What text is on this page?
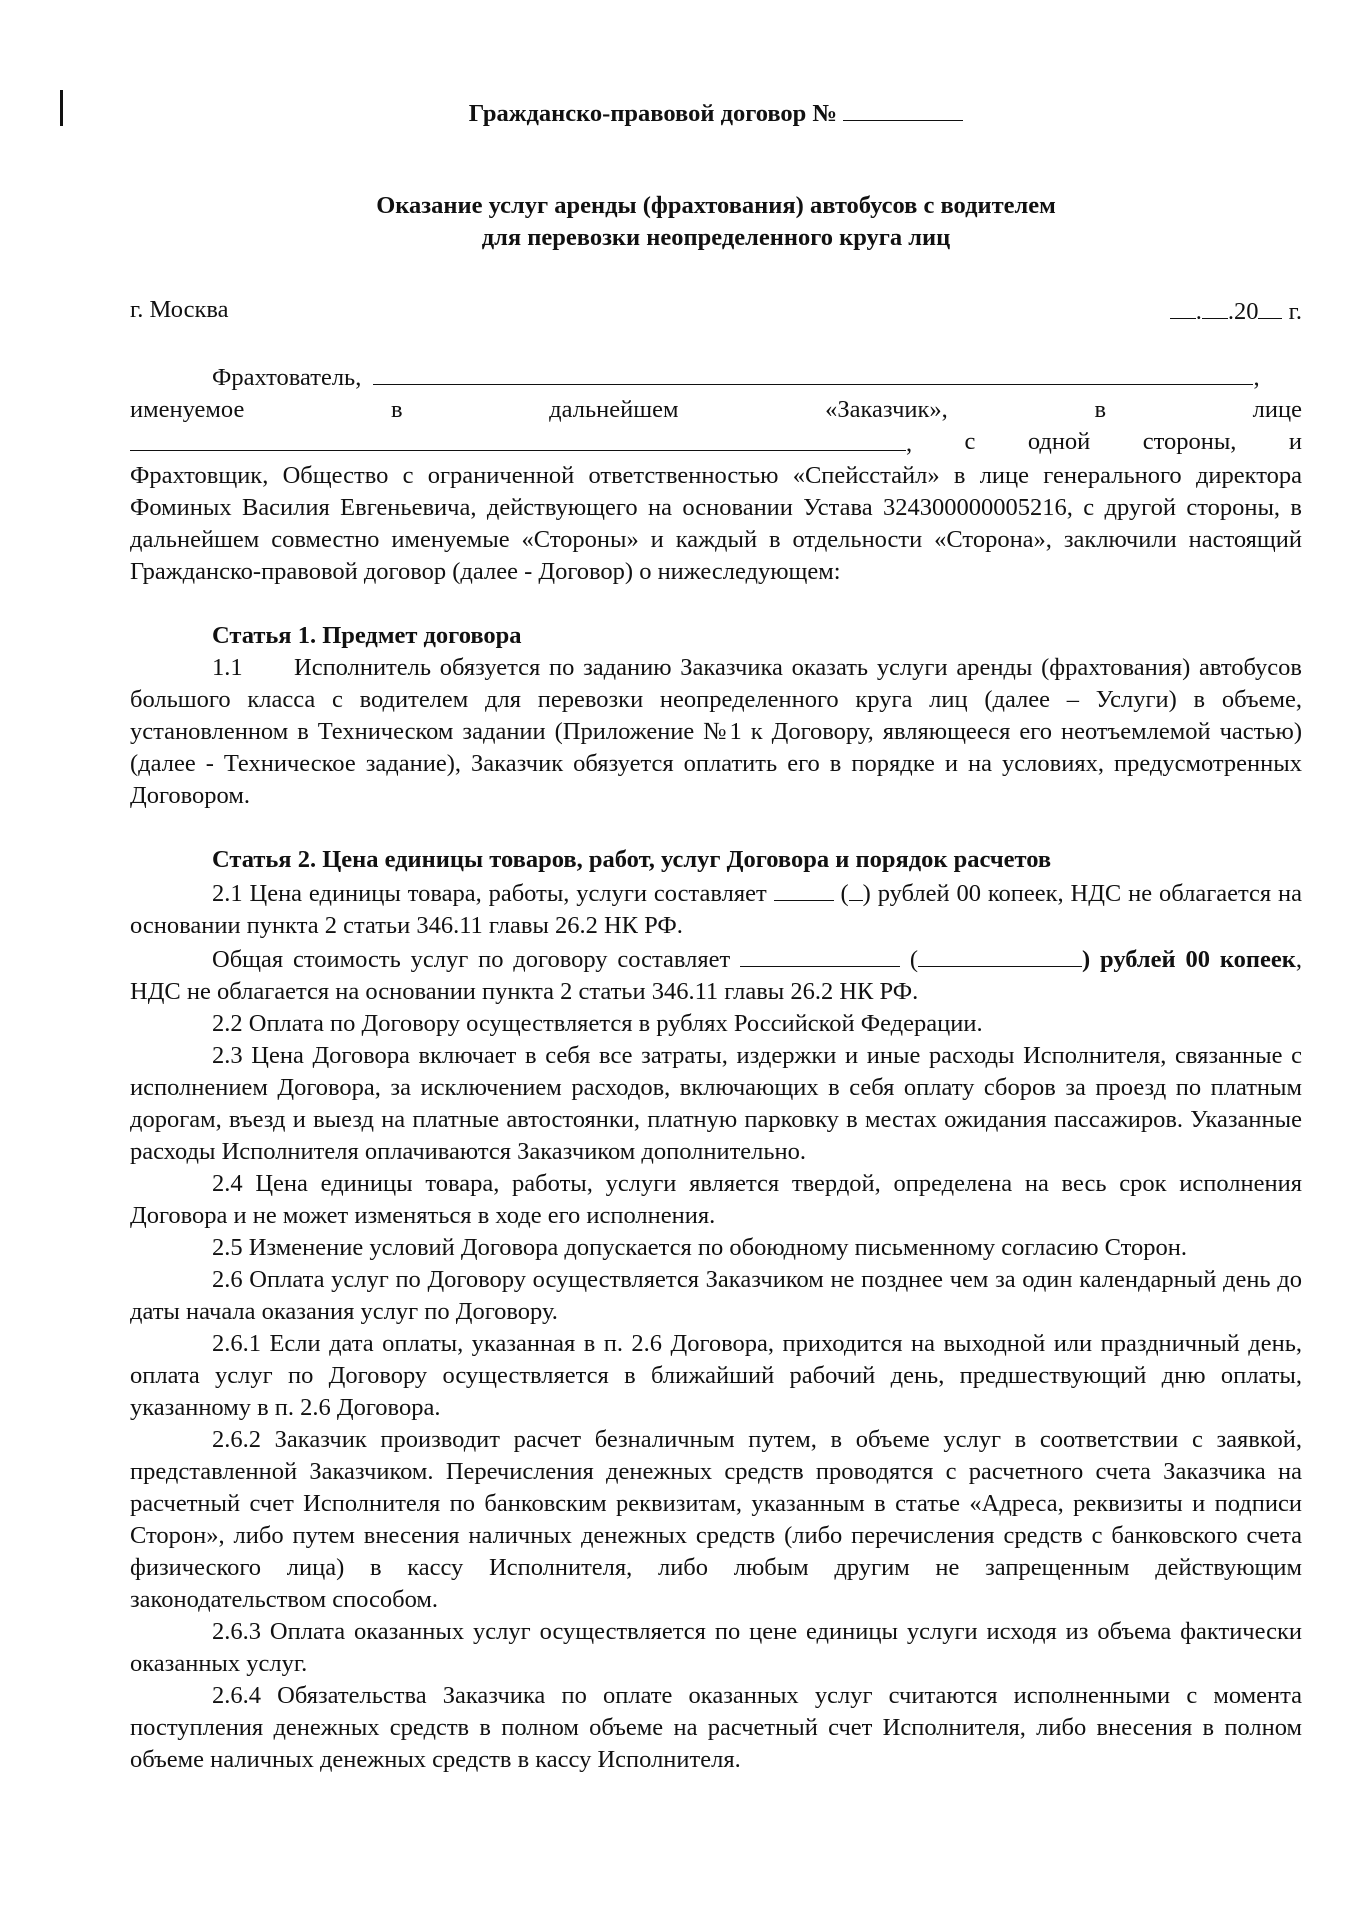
Гражданско-правовой договор №

Оказание услуг аренды (фрахтования) автобусов с водителем
для перевозки неопределенного круга лиц

г. Москва	. .20 г.

Фрахтователь,	,

именуемое	в	дальнейшем	«Заказчик»,	в	лице

, с одной стороны, и

Фрахтовщик, Общество с ограниченной ответственностью «Спейсстайл» в лице генерального директора Фоминых Василия Евгеньевича, действующего на основании Устава 324300000005216, с другой стороны, в дальнейшем совместно именуемые «Стороны» и каждый в отдельности «Сторона», заключили настоящий Гражданско-правовой договор (далее - Договор) о нижеследующем:

Статья 1. Предмет договора

1.1 Исполнитель обязуется по заданию Заказчика оказать услуги аренды (фрахтования) автобусов большого класса с водителем для перевозки неопределенного круга лиц (далее – Услуги) в объеме, установленном в Техническом задании (Приложение №1 к Договору, являющееся его неотъемлемой частью) (далее - Техническое задание), Заказчик обязуется оплатить его в порядке и на условиях, предусмотренных Договором.

Статья 2. Цена единицы товаров, работ, услуг Договора и порядок расчетов

2.1 Цена единицы товара, работы, услуги составляет	( ) рублей 00 копеек, НДС не облагается на основании пункта 2 статьи 346.11 главы 26.2 НК РФ.

Общая стоимость услуг по договору составляет	(	) рублей 00 копеек, НДС не облагается на основании пункта 2 статьи 346.11 главы 26.2 НК РФ.

2.2 Оплата по Договору осуществляется в рублях Российской Федерации.

2.3 Цена Договора включает в себя все затраты, издержки и иные расходы Исполнителя, связанные с исполнением Договора, за исключением расходов, включающих в себя оплату сборов за проезд по платным дорогам, въезд и выезд на платные автостоянки, платную парковку в местах ожидания пассажиров. Указанные расходы Исполнителя оплачиваются Заказчиком дополнительно.

2.4 Цена единицы товара, работы, услуги является твердой, определена на весь срок исполнения Договора и не может изменяться в ходе его исполнения.

2.5 Изменение условий Договора допускается по обоюдному письменному согласию Сторон.

2.6 Оплата услуг по Договору осуществляется Заказчиком не позднее чем за один календарный день до даты начала оказания услуг по Договору.

2.6.1 Если дата оплаты, указанная в п. 2.6 Договора, приходится на выходной или праздничный день, оплата услуг по Договору осуществляется в ближайший рабочий день, предшествующий дню оплаты, указанному в п. 2.6 Договора.

2.6.2 Заказчик производит расчет безналичным путем, в объеме услуг в соответствии с заявкой, представленной Заказчиком. Перечисления денежных средств проводятся с расчетного счета Заказчика на расчетный счет Исполнителя по банковским реквизитам, указанным в статье «Адреса, реквизиты и подписи Сторон», либо путем внесения наличных денежных средств (либо перечисления средств с банковского счета физического лица) в кассу Исполнителя, либо любым другим не запрещенным действующим законодательством способом.

2.6.3 Оплата оказанных услуг осуществляется по цене единицы услуги исходя из объема фактически оказанных услуг.

2.6.4 Обязательства Заказчика по оплате оказанных услуг считаются исполненными с момента поступления денежных средств в полном объеме на расчетный счет Исполнителя, либо внесения в полном объеме наличных денежных средств в кассу Исполнителя.
